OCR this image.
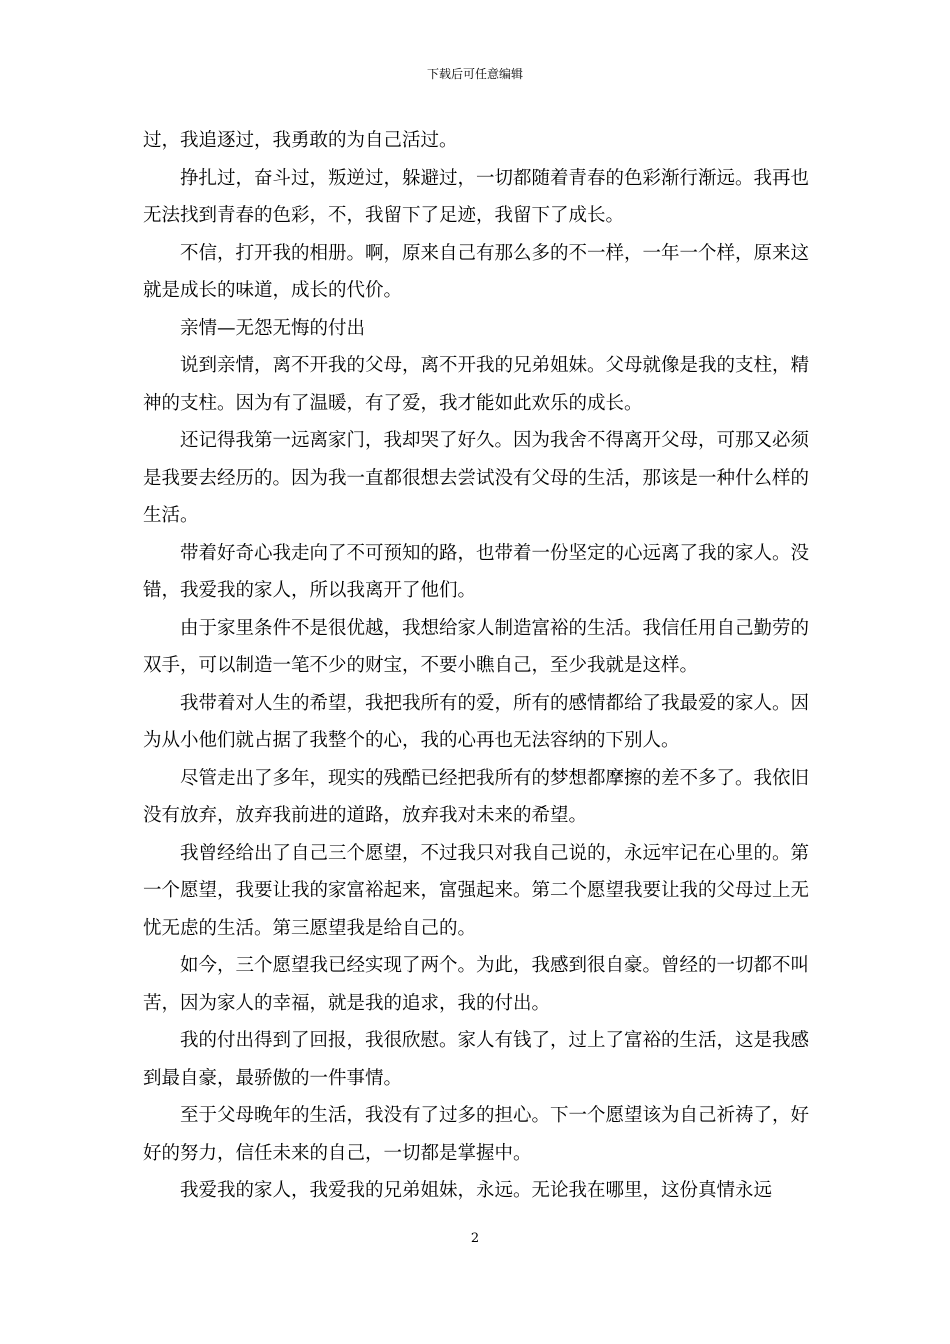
下载后可任意编辑

过，我追逐过，我勇敢的为自己活过。

挣扎过，奋斗过，叛逆过，躲避过，一切都随着青春的色彩渐行渐远。我再也无法找到青春的色彩，不，我留下了足迹，我留下了成长。

不信，打开我的相册。啊，原来自己有那么多的不一样，一年一个样，原来这就是成长的味道，成长的代价。

亲情—无怨无悔的付出

说到亲情，离不开我的父母，离不开我的兄弟姐妹。父母就像是我的支柱，精神的支柱。因为有了温暖，有了爱，我才能如此欢乐的成长。

还记得我第一远离家门，我却哭了好久。因为我舍不得离开父母，可那又必须是我要去经历的。因为我一直都很想去尝试没有父母的生活，那该是一种什么样的生活。

带着好奇心我走向了不可预知的路，也带着一份坚定的心远离了我的家人。没错，我爱我的家人，所以我离开了他们。

由于家里条件不是很优越，我想给家人制造富裕的生活。我信任用自己勤劳的双手，可以制造一笔不少的财宝，不要小瞧自己，至少我就是这样。

我带着对人生的希望，我把我所有的爱，所有的感情都给了我最爱的家人。因为从小他们就占据了我整个的心，我的心再也无法容纳的下别人。

尽管走出了多年，现实的残酷已经把我所有的梦想都摩擦的差不多了。我依旧没有放弃，放弃我前进的道路，放弃我对未来的希望。

我曾经给出了自己三个愿望，不过我只对我自己说的，永远牢记在心里的。第一个愿望，我要让我的家富裕起来，富强起来。第二个愿望我要让我的父母过上无忧无虑的生活。第三愿望我是给自己的。

如今，三个愿望我已经实现了两个。为此，我感到很自豪。曾经的一切都不叫苦，因为家人的幸福，就是我的追求，我的付出。

我的付出得到了回报，我很欣慰。家人有钱了，过上了富裕的生活，这是我感到最自豪，最骄傲的一件事情。

至于父母晚年的生活，我没有了过多的担心。下一个愿望该为自己祈祷了，好好的努力，信任未来的自己，一切都是掌握中。

我爱我的家人，我爱我的兄弟姐妹，永远。无论我在哪里，这份真情永远

2
